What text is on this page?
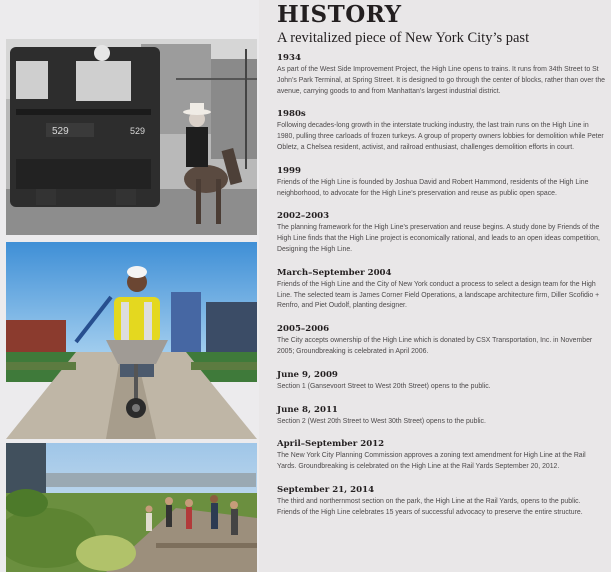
529	529
HISTORY
A revitalized piece of New York City’s past
1934
As part of the West Side Improvement Project, the High Line opens to trains. It runs from 34th Street to St John’s Park Terminal, at Spring Street. It is designed to go through the center of blocks, rather than over the avenue, carrying goods to and from Manhattan’s largest industrial district.
1980s
Following decades-long growth in the interstate trucking industry, the last train runs on the High Line in 1980, pulling three carloads of frozen turkeys. A group of property owners lobbies for demolition while Peter Obletz, a Chelsea resident, activist, and railroad enthusiast, challenges demolition efforts in court.
1999
Friends of the High Line is founded by Joshua David and Robert Hammond, residents of the High Line neighborhood, to advocate for the High Line’s preservation and reuse as public open space.
2002–2003
The planning framework for the High Line’s preservation and reuse begins. A study done by Friends of the High Line finds that the High Line project is economically rational, and leads to an open ideas competition, Designing the High Line.
March–September 2004
Friends of the High Line and the City of New York conduct a process to select a design team for the High Line. The selected team is James Corner Field Operations, a landscape architecture firm, Diller Scofidio + Renfro, and Piet Oudolf, planting designer.
2005–2006
The City accepts ownership of the High Line which is donated by CSX Transportation, Inc. in November 2005; Groundbreaking is celebrated in April 2006.
June 9, 2009
Section 1 (Gansevoort Street to West 20th Street) opens to the public.
June 8, 2011
Section 2 (West 20th Street to West 30th Street) opens to the public.
April–September 2012
The New York City Planning Commission approves a zoning text amendment for High Line at the Rail Yards. Groundbreaking is celebrated on the High Line at the Rail Yards September 20, 2012.
September 21, 2014
The third and northernmost section on the park, the High Line at the Rail Yards, opens to the public. Friends of the High Line celebrates 15 years of successful advocacy to preserve the entire structure.
